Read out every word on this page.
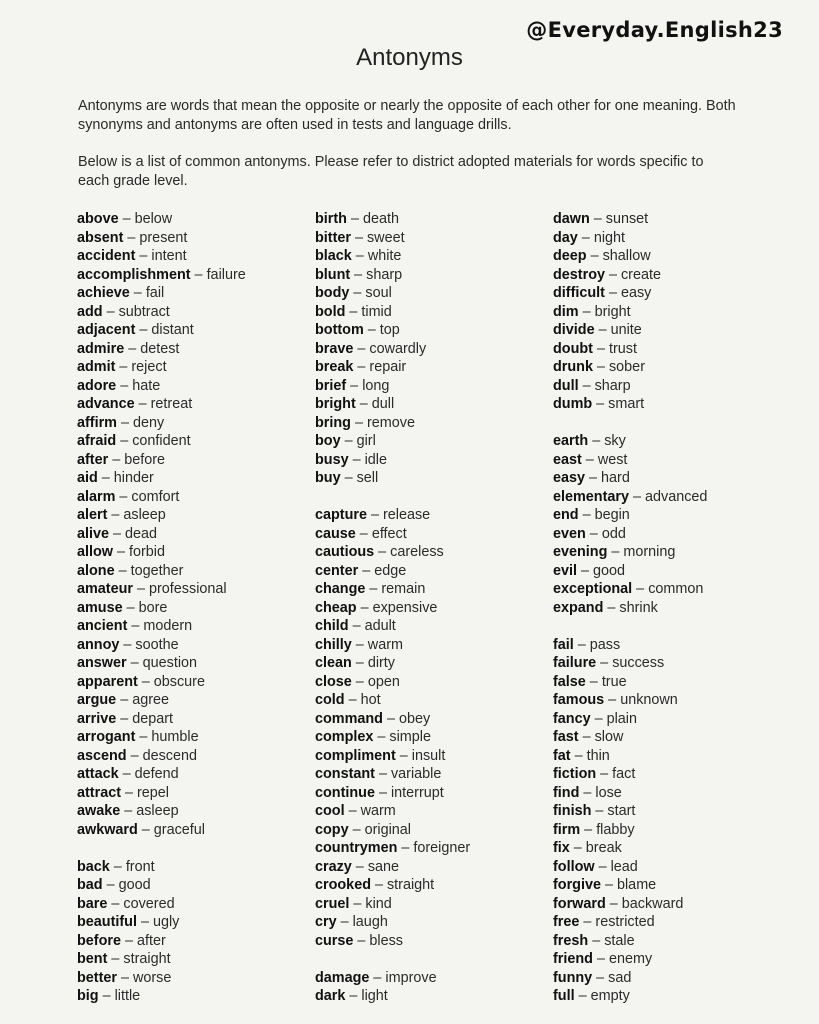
@Everyday.English23
Antonyms

Antonyms are words that mean the opposite or nearly the opposite of each other for one meaning. Both synonyms and antonyms are often used in tests and language drills.

Below is a list of common antonyms. Please refer to district adopted materials for words specific to each grade level.

above – below
absent – present
accident – intent
accomplishment – failure
achieve – fail
add – subtract
adjacent – distant
admire – detest
admit – reject
adore – hate
advance – retreat
affirm – deny
afraid – confident
after – before
aid – hinder
alarm – comfort
alert – asleep
alive – dead
allow – forbid
alone – together
amateur – professional
amuse – bore
ancient – modern
annoy – soothe
answer – question
apparent – obscure
argue – agree
arrive – depart
arrogant – humble
ascend – descend
attack – defend
attract – repel
awake – asleep
awkward – graceful
back – front
bad – good
bare – covered
beautiful – ugly
before – after
bent – straight
better – worse
big – little
birth – death
bitter – sweet
black – white
blunt – sharp
body – soul
bold – timid
bottom – top
brave – cowardly
break – repair
brief – long
bright – dull
bring – remove
boy – girl
busy – idle
buy – sell
capture – release
cause – effect
cautious – careless
center – edge
change – remain
cheap – expensive
child – adult
chilly – warm
clean – dirty
close – open
cold – hot
command – obey
complex – simple
compliment – insult
constant – variable
continue – interrupt
cool – warm
copy – original
countrymen – foreigner
crazy – sane
crooked – straight
cruel – kind
cry – laugh
curse – bless
damage – improve
dark – light
dawn – sunset
day – night
deep – shallow
destroy – create
difficult – easy
dim – bright
divide – unite
doubt – trust
drunk – sober
dull – sharp
dumb – smart
earth – sky
east – west
easy – hard
elementary – advanced
end – begin
even – odd
evening – morning
evil – good
exceptional – common
expand – shrink
fail – pass
failure – success
false – true
famous – unknown
fancy – plain
fast – slow
fat – thin
fiction – fact
find – lose
finish – start
firm – flabby
fix – break
follow – lead
forgive – blame
forward – backward
free – restricted
fresh – stale
friend – enemy
funny – sad
full – empty
